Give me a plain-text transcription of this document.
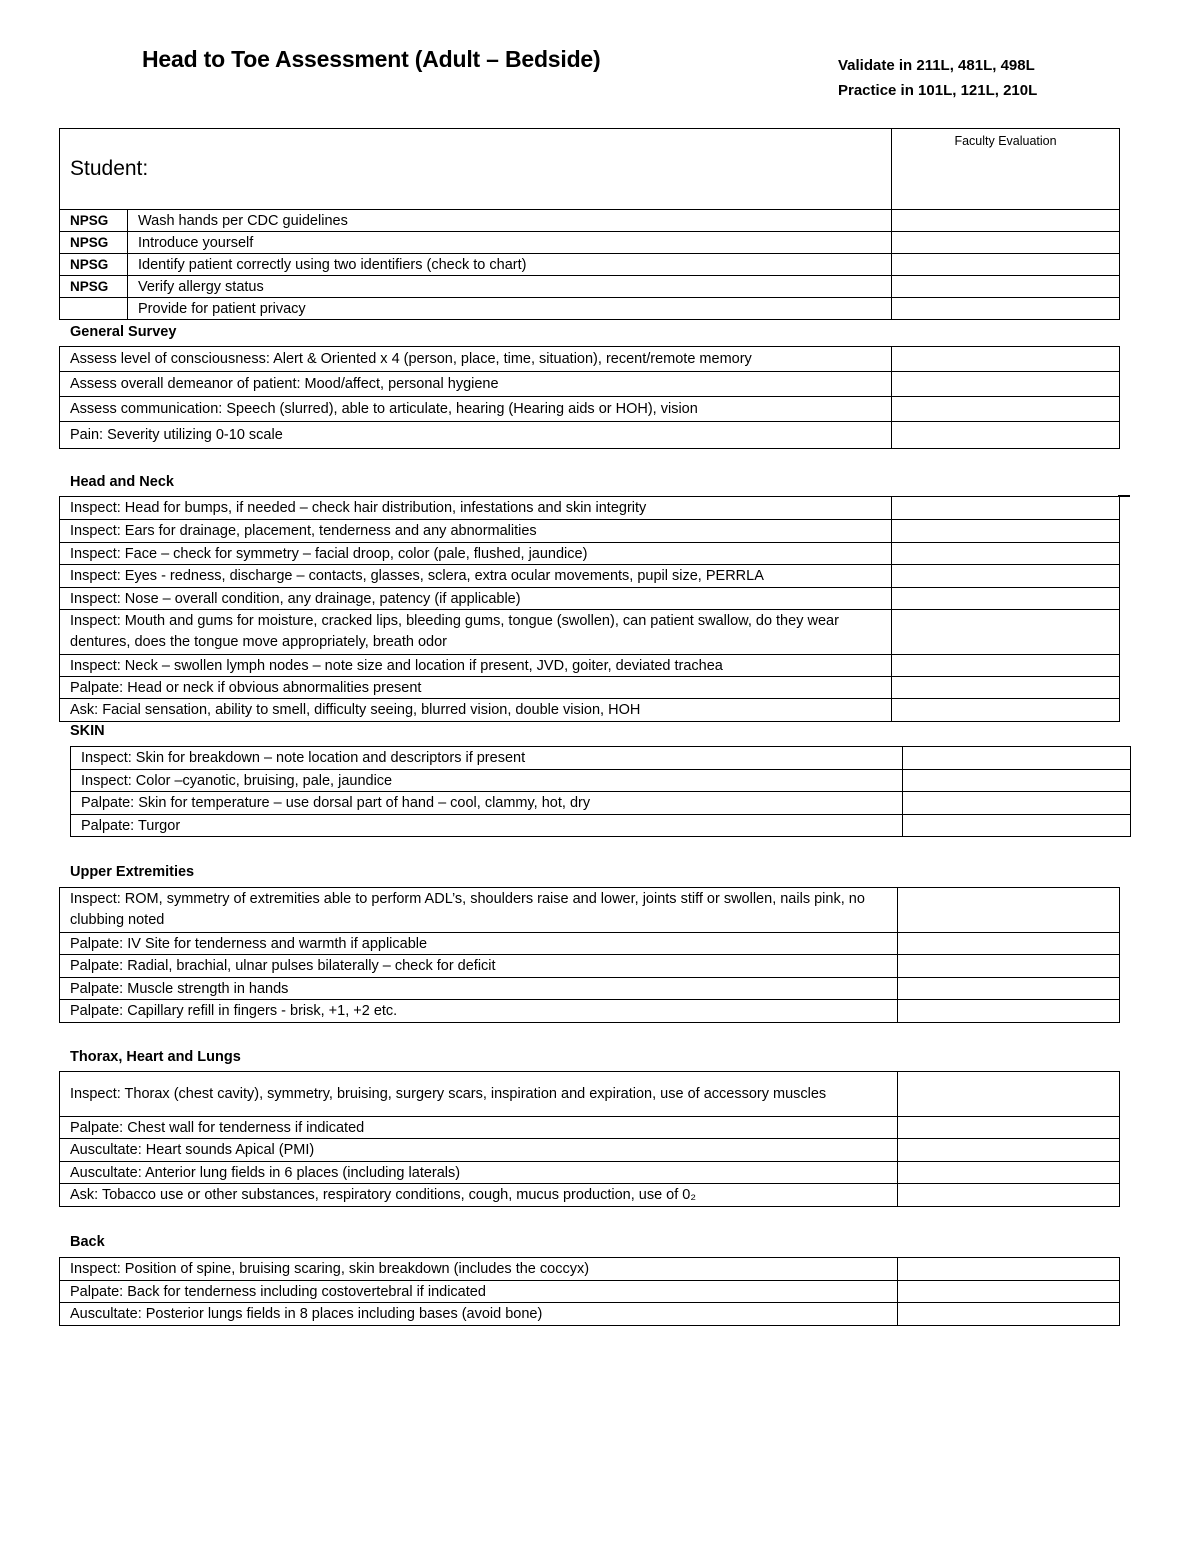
Head to Toe Assessment (Adult – Bedside)	Validate in 211L, 481L, 498L
Practice in 101L, 121L, 210L
Student:		Faculty Evaluation
NPSG	Wash hands per CDC guidelines	
NPSG	Introduce yourself	
NPSG	Identify patient correctly using two identifiers (check to chart)	
NPSG	Verify allergy status	
	Provide for patient privacy	
General Survey
Assess level of consciousness: Alert & Oriented x 4 (person, place, time, situation), recent/remote memory	
Assess overall demeanor of patient: Mood/affect, personal hygiene	
Assess communication: Speech (slurred), able to articulate, hearing (Hearing aids or HOH), vision	
Pain: Severity utilizing 0-10 scale	
Head and Neck
Inspect: Head for bumps, if needed – check hair distribution, infestations and skin integrity	
Inspect: Ears for drainage, placement, tenderness and any abnormalities	
Inspect: Face – check for symmetry – facial droop, color (pale, flushed, jaundice)	
Inspect: Eyes - redness, discharge – contacts, glasses, sclera, extra ocular movements, pupil size, PERRLA	
Inspect: Nose – overall condition, any drainage, patency (if applicable)	
Inspect: Mouth and gums for moisture, cracked lips, bleeding gums, tongue (swollen), can patient swallow, do they wear dentures, does the tongue move appropriately, breath odor	
Inspect: Neck – swollen lymph nodes – note size and location if present, JVD, goiter, deviated trachea	
Palpate: Head or neck if obvious abnormalities present	
Ask: Facial sensation, ability to smell, difficulty seeing, blurred vision, double vision, HOH	
SKIN
Inspect: Skin for breakdown – note location and descriptors if present	
Inspect: Color –cyanotic, bruising, pale, jaundice	
Palpate: Skin for temperature – use dorsal part of hand – cool, clammy, hot, dry	
Palpate: Turgor	
Upper Extremities
Inspect: ROM, symmetry of extremities able to perform ADL’s, shoulders raise and lower, joints stiff or swollen, nails pink, no clubbing noted	
Palpate: IV Site for tenderness and warmth if applicable	
Palpate: Radial, brachial, ulnar pulses bilaterally – check for deficit	
Palpate: Muscle strength in hands	
Palpate: Capillary refill in fingers - brisk, +1, +2 etc.	
Thorax, Heart and Lungs
Inspect: Thorax (chest cavity), symmetry, bruising, surgery scars, inspiration and expiration, use of accessory muscles	
Palpate: Chest wall for tenderness if indicated	
Auscultate: Heart sounds Apical (PMI)	
Auscultate: Anterior lung fields in 6 places (including laterals)	
Ask: Tobacco use or other substances, respiratory conditions, cough, mucus production, use of 0₂	
Back
Inspect: Position of spine, bruising scaring, skin breakdown (includes the coccyx)	
Palpate: Back for tenderness including costovertebral if indicated	
Auscultate: Posterior lungs fields in 8 places including bases (avoid bone)	
